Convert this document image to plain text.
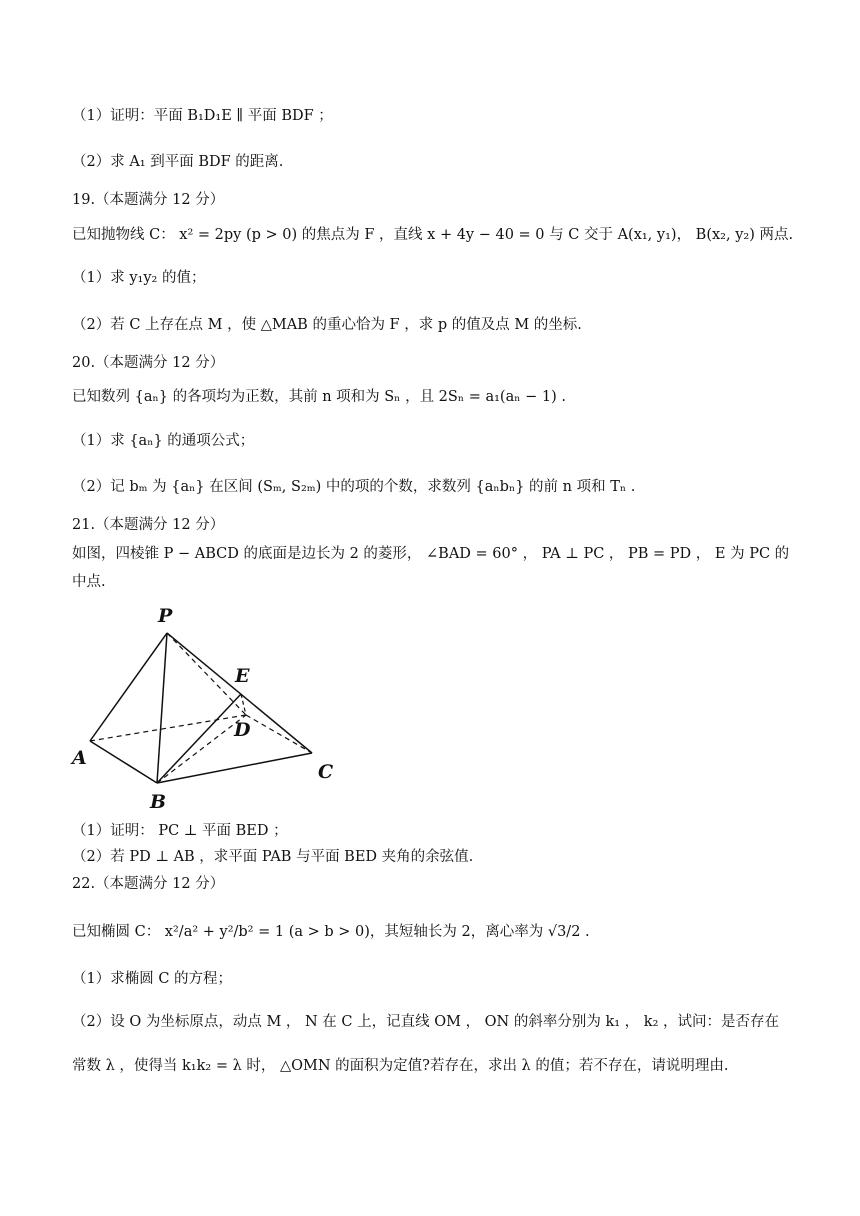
（1）证明：平面 B₁D₁E ∥ 平面 BDF ；
（2）求 A₁ 到平面 BDF 的距离.
19.（本题满分 12 分）
已知抛物线 C： x² = 2py (p > 0) 的焦点为 F ，直线 x + 4y − 40 = 0 与 C 交于 A(x₁, y₁)， B(x₂, y₂) 两点.
（1）求 y₁y₂ 的值；
（2）若 C 上存在点 M ，使 △MAB 的重心恰为 F ，求 p 的值及点 M 的坐标.
20.（本题满分 12 分）
已知数列 {aₙ} 的各项均为正数，其前 n 项和为 Sₙ ，且 2Sₙ = a₁(aₙ − 1) .
（1）求 {aₙ} 的通项公式；
（2）记 bₘ 为 {aₙ} 在区间 (Sₘ, S₂ₘ) 中的项的个数，求数列 {aₙbₙ} 的前 n 项和 Tₙ .
21.（本题满分 12 分）
如图，四棱锥 P − ABCD 的底面是边长为 2 的菱形， ∠BAD = 60° ， PA ⊥ PC ， PB = PD ， E 为 PC 的中点.
P
E
D
A
B
C
（1）证明： PC ⊥ 平面 BED ；
（2）若 PD ⊥ AB ，求平面 PAB 与平面 BED 夹角的余弦值.
22.（本题满分 12 分）
已知椭圆 C： x²/a² + y²/b² = 1 (a > b > 0)，其短轴长为 2，离心率为 √3/2 .
（1）求椭圆 C 的方程；
（2）设 O 为坐标原点，动点 M ， N 在 C 上，记直线 OM ， ON 的斜率分别为 k₁ ， k₂ ，试问：是否存在常数 λ ，使得当 k₁k₂ = λ 时， △OMN 的面积为定值?若存在，求出 λ 的值；若不存在，请说明理由.
